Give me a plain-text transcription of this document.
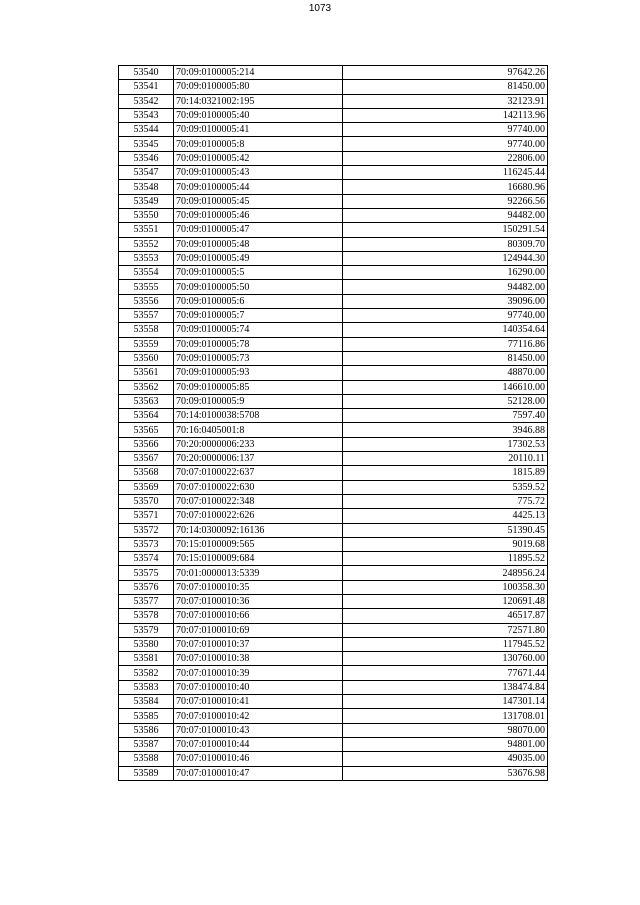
1073
53540	70:09:0100005:214	97642.26
53541	70:09:0100005:80	81450.00
53542	70:14:0321002:195	32123.91
53543	70:09:0100005:40	142113.96
53544	70:09:0100005:41	97740.00
53545	70:09:0100005:8	97740.00
53546	70:09:0100005:42	22806.00
53547	70:09:0100005:43	116245.44
53548	70:09:0100005:44	16680.96
53549	70:09:0100005:45	92266.56
53550	70:09:0100005:46	94482.00
53551	70:09:0100005:47	150291.54
53552	70:09:0100005:48	80309.70
53553	70:09:0100005:49	124944.30
53554	70:09:0100005:5	16290.00
53555	70:09:0100005:50	94482.00
53556	70:09:0100005:6	39096.00
53557	70:09:0100005:7	97740.00
53558	70:09:0100005:74	140354.64
53559	70:09:0100005:78	77116.86
53560	70:09:0100005:73	81450.00
53561	70:09:0100005:93	48870.00
53562	70:09:0100005:85	146610.00
53563	70:09:0100005:9	52128.00
53564	70:14:0100038:5708	7597.40
53565	70:16:0405001:8	3946.88
53566	70:20:0000006:233	17302.53
53567	70:20:0000006:137	20110.11
53568	70:07:0100022:637	1815.89
53569	70:07:0100022:630	5359.52
53570	70:07:0100022:348	775.72
53571	70:07:0100022:626	4425.13
53572	70:14:0300092:16136	51390.45
53573	70:15:0100009:565	9019.68
53574	70:15:0100009:684	11895.52
53575	70:01:0000013:5339	248956.24
53576	70:07:0100010:35	100358.30
53577	70:07:0100010:36	120691.48
53578	70:07:0100010:66	46517.87
53579	70:07:0100010:69	72571.80
53580	70:07:0100010:37	117945.52
53581	70:07:0100010:38	130760.00
53582	70:07:0100010:39	77671.44
53583	70:07:0100010:40	138474.84
53584	70:07:0100010:41	147301.14
53585	70:07:0100010:42	131708.01
53586	70:07:0100010:43	98070.00
53587	70:07:0100010:44	94801.00
53588	70:07:0100010:46	49035.00
53589	70:07:0100010:47	53676.98
